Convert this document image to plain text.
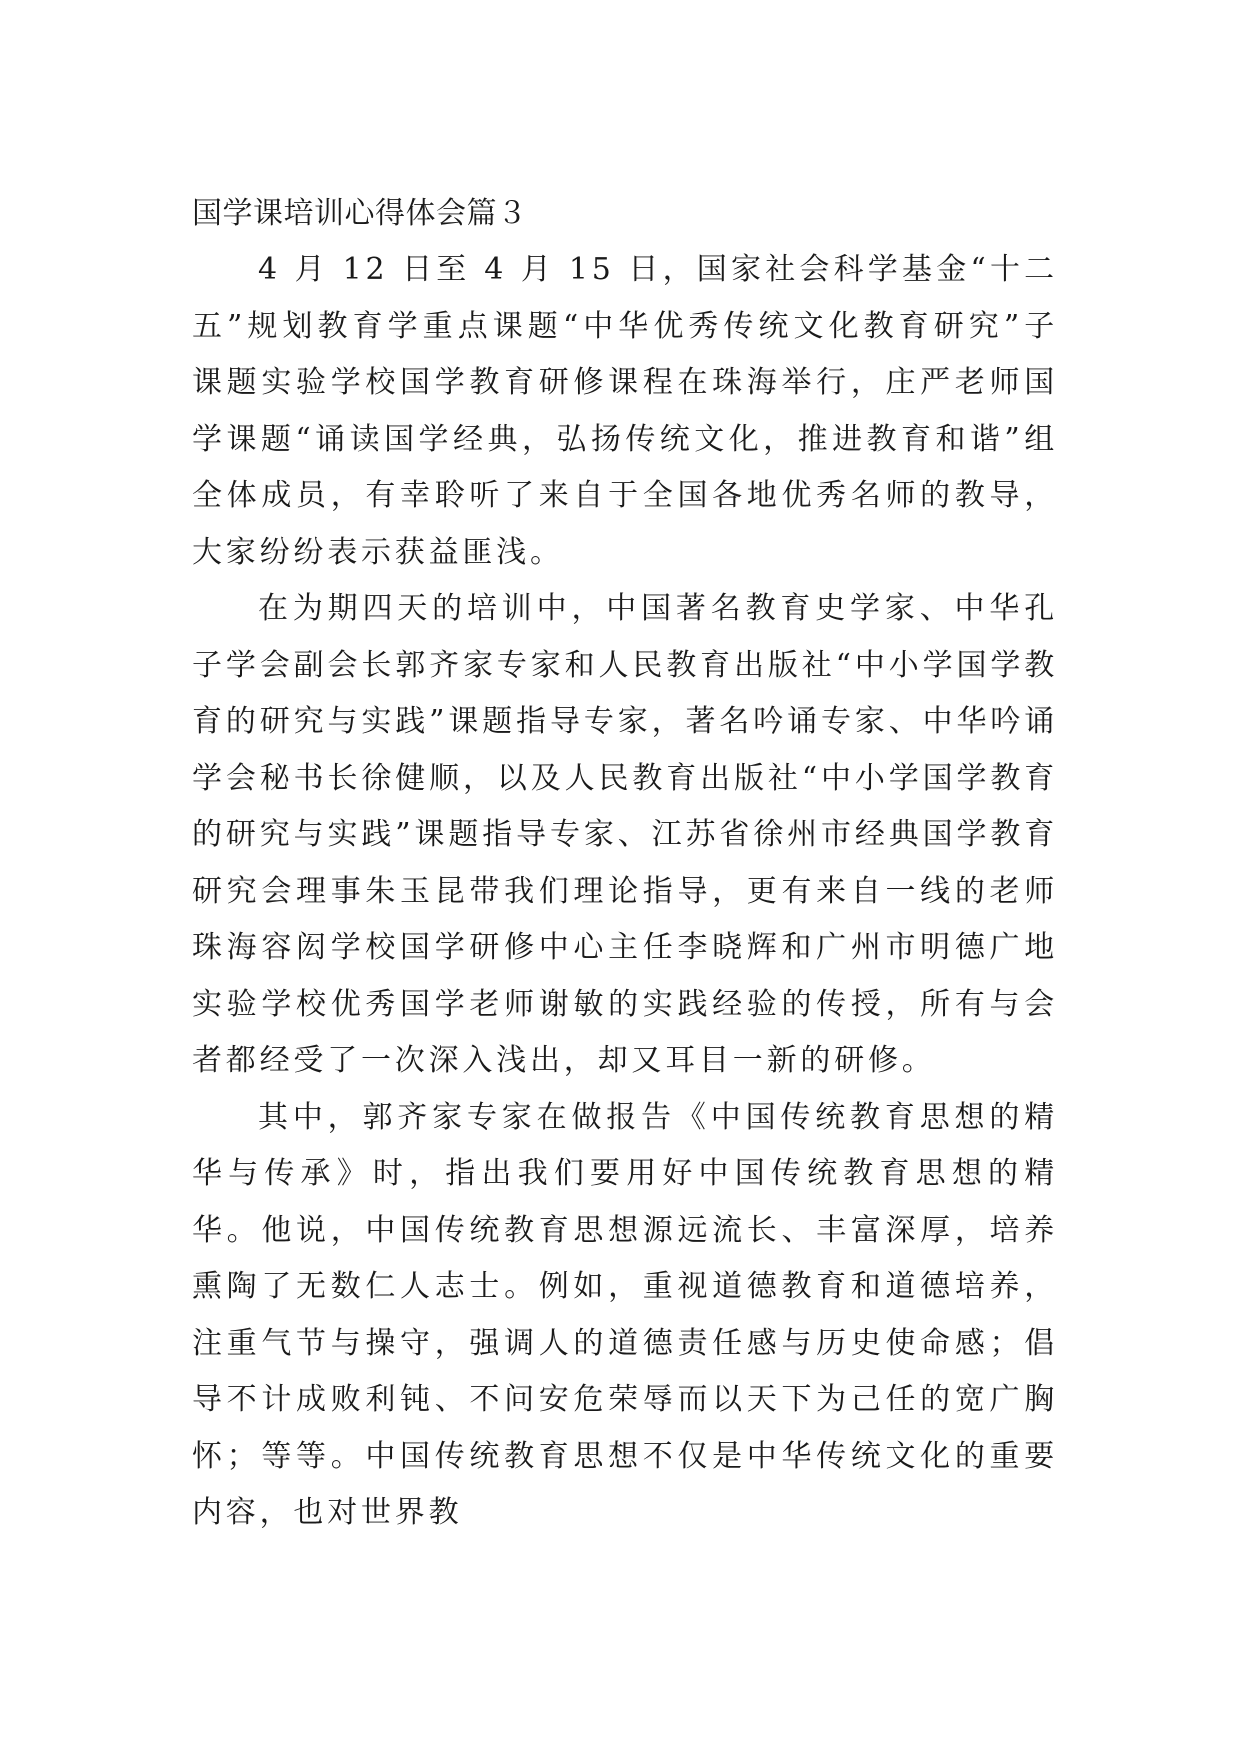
国学课培训心得体会篇３

4 月 12 日至 4 月 15 日，国家社会科学基金“十二五”规划教育学重点课题“中华优秀传统文化教育研究”子课题实验学校国学教育研修课程在珠海举行，庄严老师国学课题“诵读国学经典，弘扬传统文化，推进教育和谐”组全体成员，有幸聆听了来自于全国各地优秀名师的教导，大家纷纷表示获益匪浅。

在为期四天的培训中，中国著名教育史学家、中华孔子学会副会长郭齐家专家和人民教育出版社“中小学国学教育的研究与实践”课题指导专家，著名吟诵专家、中华吟诵学会秘书长徐健顺，以及人民教育出版社“中小学国学教育的研究与实践”课题指导专家、江苏省徐州市经典国学教育研究会理事朱玉昆带我们理论指导，更有来自一线的老师珠海容闳学校国学研修中心主任李晓辉和广州市明德广地实验学校优秀国学老师谢敏的实践经验的传授，所有与会者都经受了一次深入浅出，却又耳目一新的研修。

其中，郭齐家专家在做报告《中国传统教育思想的精华与传承》时，指出我们要用好中国传统教育思想的精华。他说，中国传统教育思想源远流长、丰富深厚，培养熏陶了无数仁人志士。例如，重视道德教育和道德培养，注重气节与操守，强调人的道德责任感与历史使命感；倡导不计成败利钝、不问安危荣辱而以天下为己任的宽广胸怀；等等。中国传统教育思想不仅是中华传统文化的重要内容，也对世界教
